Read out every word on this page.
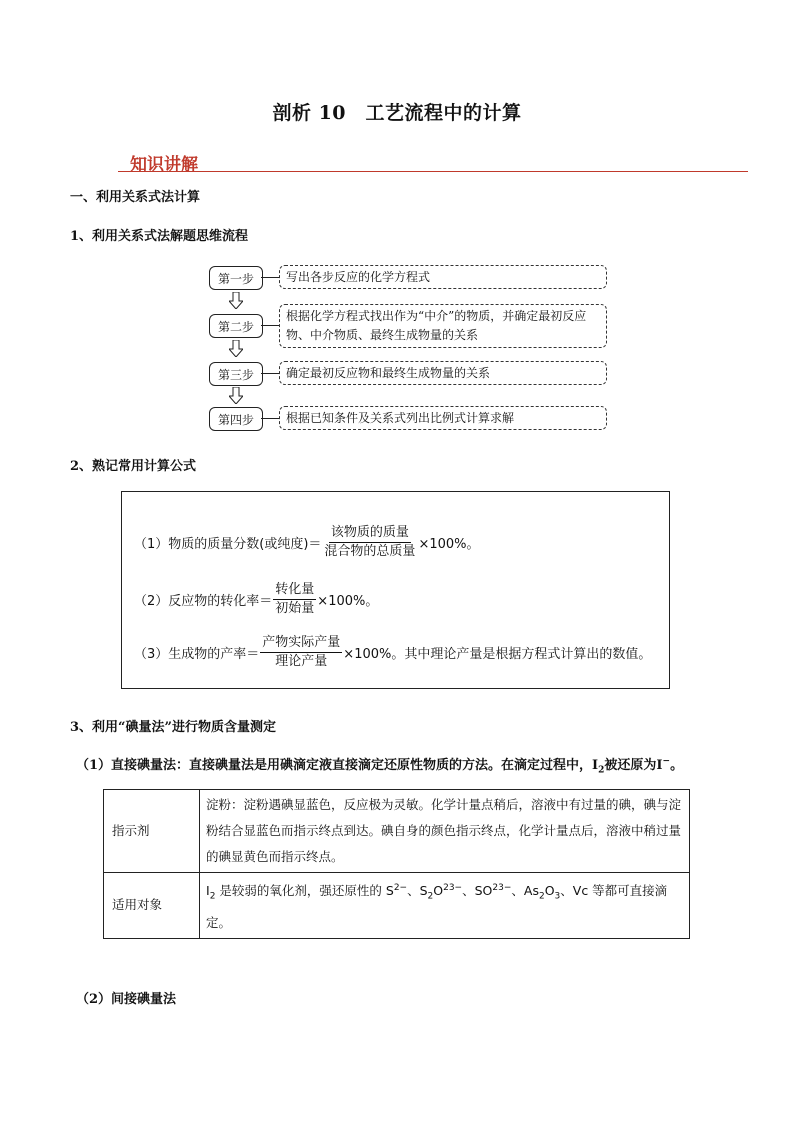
剖析 10　工艺流程中的计算
知识讲解
一、利用关系式法计算
1、利用关系式法解题思维流程
第一步	写出各步反应的化学方程式
第二步
根据化学方程式找出作为“中介”的物质，并确定最初反应物、中介物质、最终生成物量的关系
第三步	确定最初反应物和最终生成物量的关系
第四步	根据已知条件及关系式列出比例式计算求解
2、熟记常用计算公式
（1）物质的质量分数(或纯度)＝ $\frac{\text{该物质的质量}}{\text{混合物的总质量}} \times 100\%$。
（2）反应物的转化率＝ $\frac{\text{转化量}}{\text{初始量}} \times 100\%$。
（3）生成物的产率＝ $\frac{\text{产物实际产量}}{\text{理论产量}} \times 100\%$。其中理论产量是根据方程式计算出的数值。
3、利用“碘量法”进行物质含量测定
（1）直接碘量法：直接碘量法是用碘滴定液直接滴定还原性物质的方法。在滴定过程中，$I_2$被还原为I−。
指示剂	淀粉：淀粉遇碘显蓝色，反应极为灵敏。化学计量点稍后，溶液中有过量的碘，碘与淀粉结合显蓝色而指示终点到达。碘自身的颜色指示终点，化学计量点后，溶液中稍过量的碘显黄色而指示终点。
适用对象	$I_2$ 是较弱的氧化剂，强还原性的 $S^{2-}$、$S_2O^{23-}$、$SO^{23-}$、$As_2O_3$、Vc 等都可直接滴定。
（2）间接碘量法
